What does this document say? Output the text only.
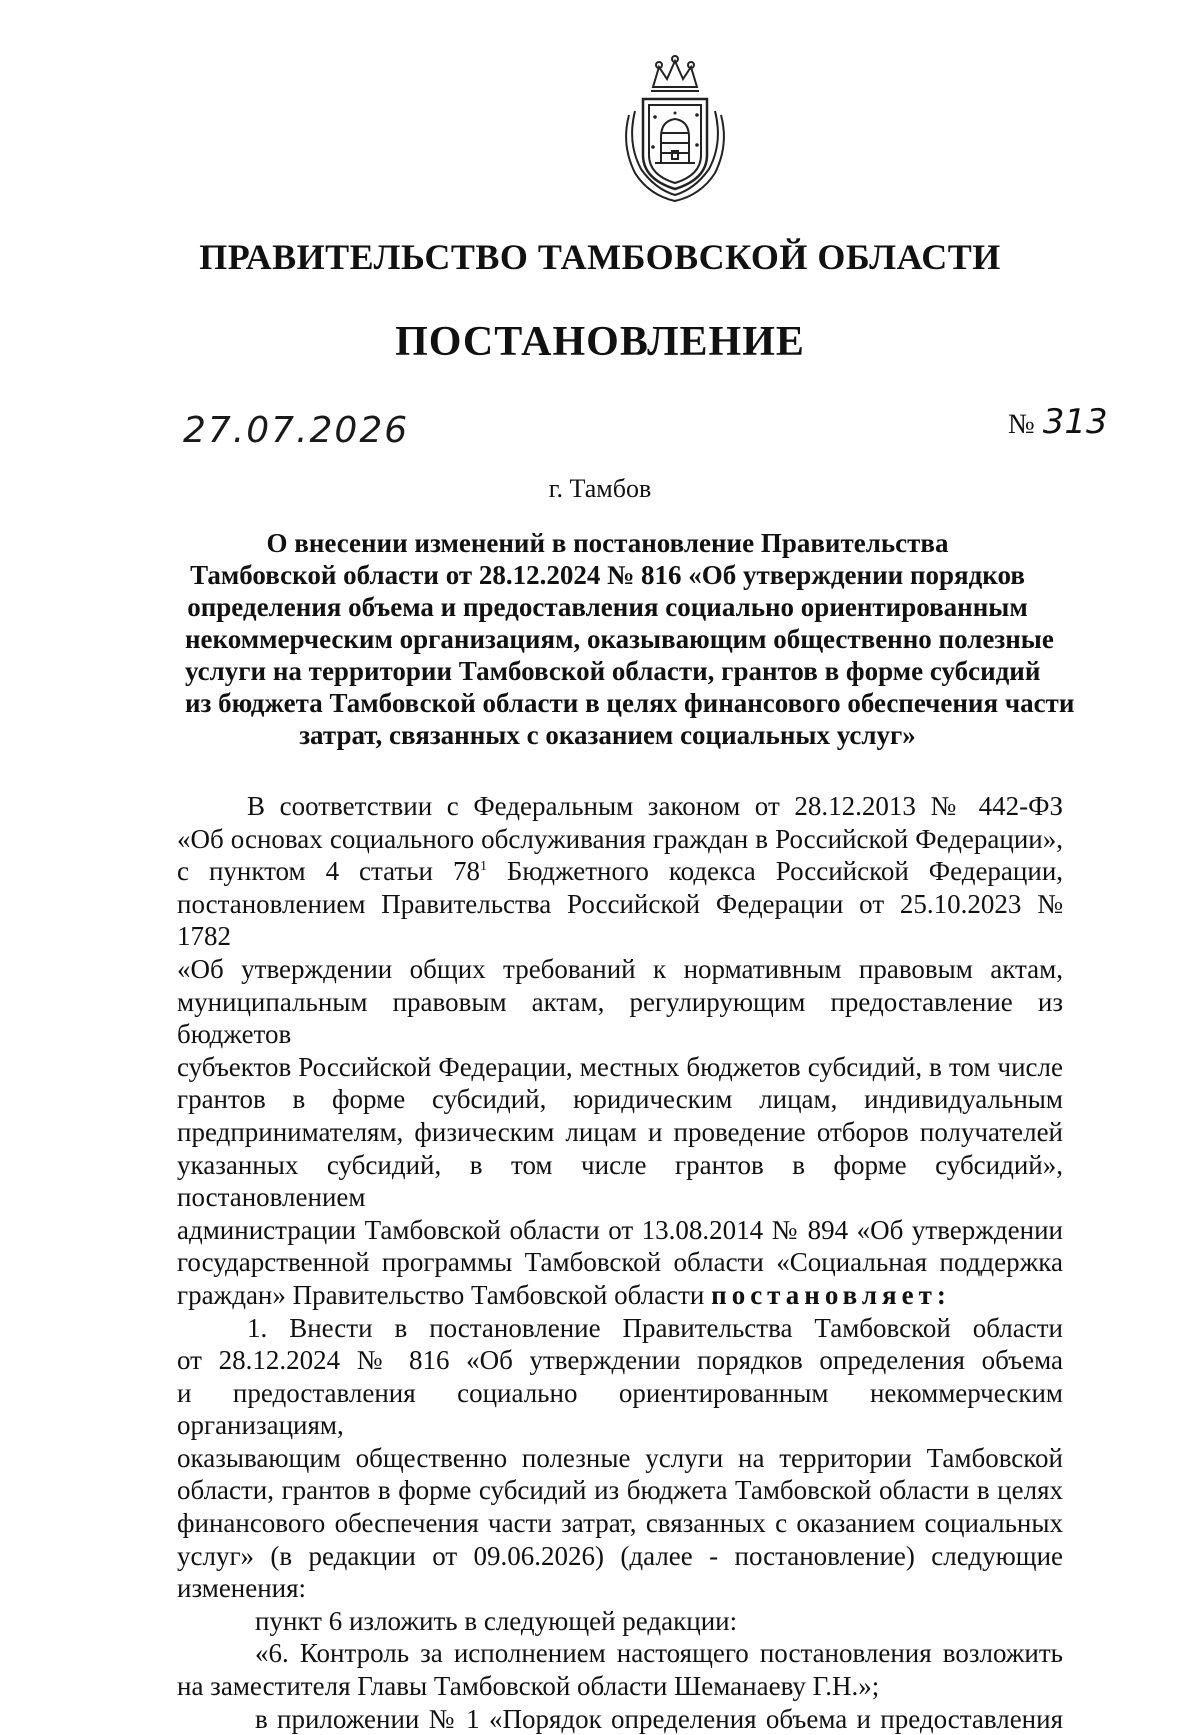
ПРАВИТЕЛЬСТВО ТАМБОВСКОЙ ОБЛАСТИ
ПОСТАНОВЛЕНИЕ
27.07.2026	№ 313
г. Тамбов
О внесении изменений в постановление Правительства
Тамбовской области от 28.12.2024 № 816 «Об утверждении порядков
определения объема и предоставления социально ориентированным
некоммерческим организациям, оказывающим общественно полезные
услуги на территории Тамбовской области, грантов в форме субсидий
из бюджета Тамбовской области в целях финансового обеспечения части
затрат, связанных с оказанием социальных услуг»
В соответствии с Федеральным законом от 28.12.2013 № 442-ФЗ
«Об основах социального обслуживания граждан в Российской Федерации»,
с пунктом 4 статьи $78^1$ Бюджетного кодекса Российской Федерации,
постановлением Правительства Российской Федерации от 25.10.2023 № 1782
«Об утверждении общих требований к нормативным правовым актам,
муниципальным правовым актам, регулирующим предоставление из бюджетов
субъектов Российской Федерации, местных бюджетов субсидий, в том числе
грантов в форме субсидий, юридическим лицам, индивидуальным
предпринимателям, физическим лицам и проведение отборов получателей
указанных субсидий, в том числе грантов в форме субсидий», постановлением
администрации Тамбовской области от 13.08.2014 № 894 «Об утверждении
государственной программы Тамбовской области «Социальная поддержка
граждан» Правительство Тамбовской области постановляет:
1. Внести в постановление Правительства Тамбовской области
от 28.12.2024 № 816 «Об утверждении порядков определения объема
и предоставления социально ориентированным некоммерческим организациям,
оказывающим общественно полезные услуги на территории Тамбовской
области, грантов в форме субсидий из бюджета Тамбовской области в целях
финансового обеспечения части затрат, связанных с оказанием социальных
услуг» (в редакции от 09.06.2026) (далее - постановление) следующие
изменения:
пункт 6 изложить в следующей редакции:
«6. Контроль за исполнением настоящего постановления возложить
на заместителя Главы Тамбовской области Шеманаеву Г.Н.»;
в приложении № 1 «Порядок определения объема и предоставления
